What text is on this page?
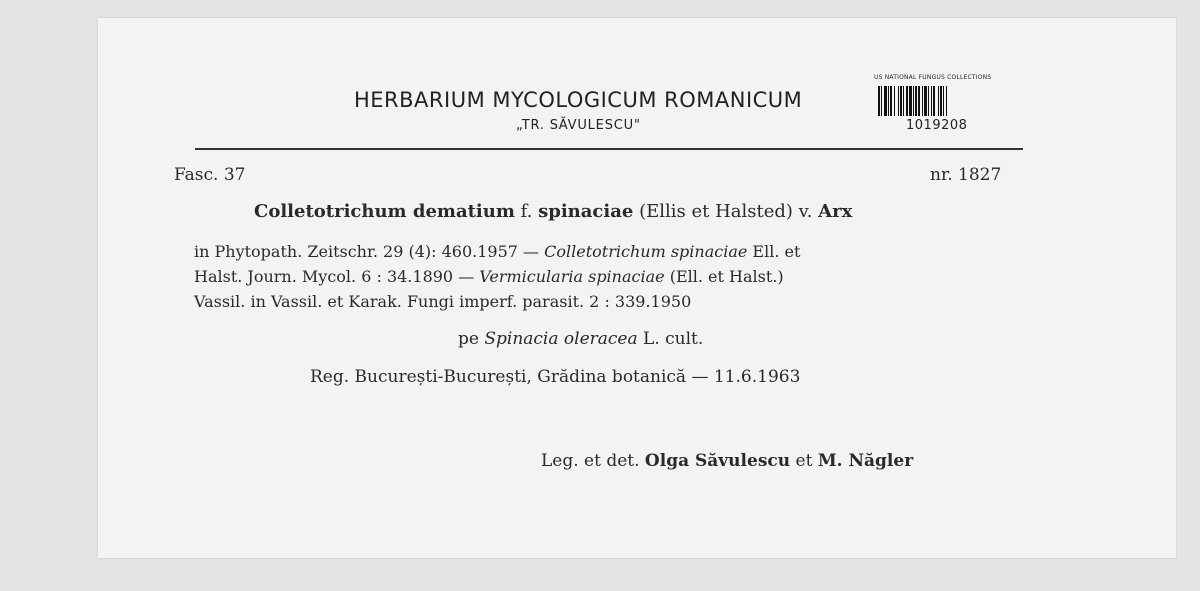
HERBARIUM MYCOLOGICUM ROMANICUM
„TR. SĂVULESCU"
US NATIONAL FUNGUS COLLECTIONS
1019208
Fasc. 37	nr. 1827
Colletotrichum dematium f. spinaciae (Ellis et Halsted) v. Arx
in Phytopath. Zeitschr. 29 (4): 460.1957 — Colletotrichum spinaciae Ell. et
Halst. Journ. Mycol. 6 : 34.1890 — Vermicularia spinaciae (Ell. et Halst.)
Vassil. in Vassil. et Karak. Fungi imperf. parasit. 2 : 339.1950
pe Spinacia oleracea L. cult.
Reg. București-București, Grădina botanică — 11.6.1963
Leg. et det. Olga Săvulescu et M. Năgler
